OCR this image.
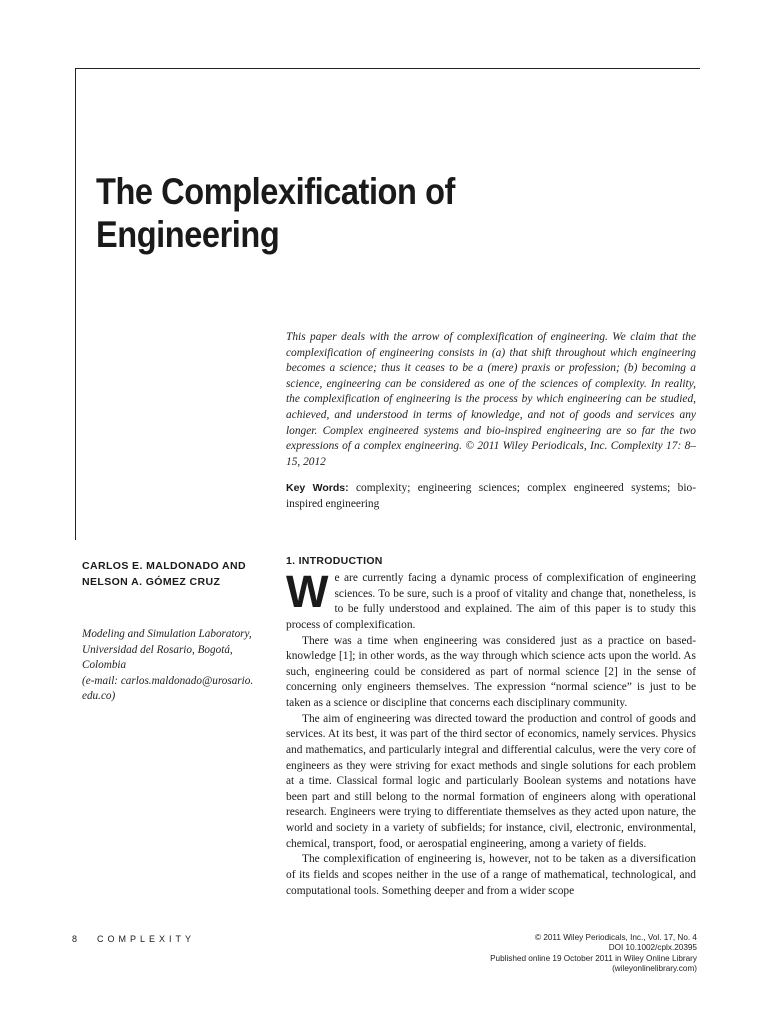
The Complexification of
Engineering
This paper deals with the arrow of complexification of engineering. We claim that the complexification of engineering consists in (a) that shift throughout which engineering becomes a science; thus it ceases to be a (mere) praxis or profession; (b) becoming a science, engineering can be considered as one of the sciences of complexity. In reality, the complexification of engineering is the process by which engineering can be studied, achieved, and understood in terms of knowledge, and not of goods and services any longer. Complex engineered systems and bio-inspired engineering are so far the two expressions of a complex engineering. © 2011 Wiley Periodicals, Inc. Complexity 17: 8–15, 2012
Key Words: complexity; engineering sciences; complex engineered systems; bio-inspired engineering
CARLOS E. MALDONADO AND
NELSON A. GÓMEZ CRUZ
Modeling and Simulation Laboratory,
Universidad del Rosario, Bogotá,
Colombia
(e-mail: carlos.maldonado@urosario.
edu.co)
1. INTRODUCTION

We are currently facing a dynamic process of complexification of engineering sciences. To be sure, such is a proof of vitality and change that, nonetheless, is to be fully understood and explained. The aim of this paper is to study this process of complexification.

There was a time when engineering was considered just as a practice on based-knowledge [1]; in other words, as the way through which science acts upon the world. As such, engineering could be considered as part of normal science [2] in the sense of concerning only engineers themselves. The expression “normal science” is just to be taken as a science or discipline that concerns each disciplinary community.

The aim of engineering was directed toward the production and control of goods and services. At its best, it was part of the third sector of economics, namely services. Physics and mathematics, and particularly integral and differential calculus, were the very core of engineers as they were striving for exact methods and single solutions for each problem at a time. Classical formal logic and particularly Boolean systems and notations have been part and still belong to the normal formation of engineers along with operational research. Engineers were trying to differentiate themselves as they acted upon nature, the world and society in a variety of subfields; for instance, civil, electronic, environmental, chemical, transport, food, or aerospatial engineering, among a variety of fields.

The complexification of engineering is, however, not to be taken as a diversification of its fields and scopes neither in the use of a range of mathematical, technological, and computational tools. Something deeper and from a wider scope

8 COMPLEXITY	© 2011 Wiley Periodicals, Inc., Vol. 17, No. 4
DOI 10.1002/cplx.20395
Published online 19 October 2011 in Wiley Online Library
(wileyonlinelibrary.com)
